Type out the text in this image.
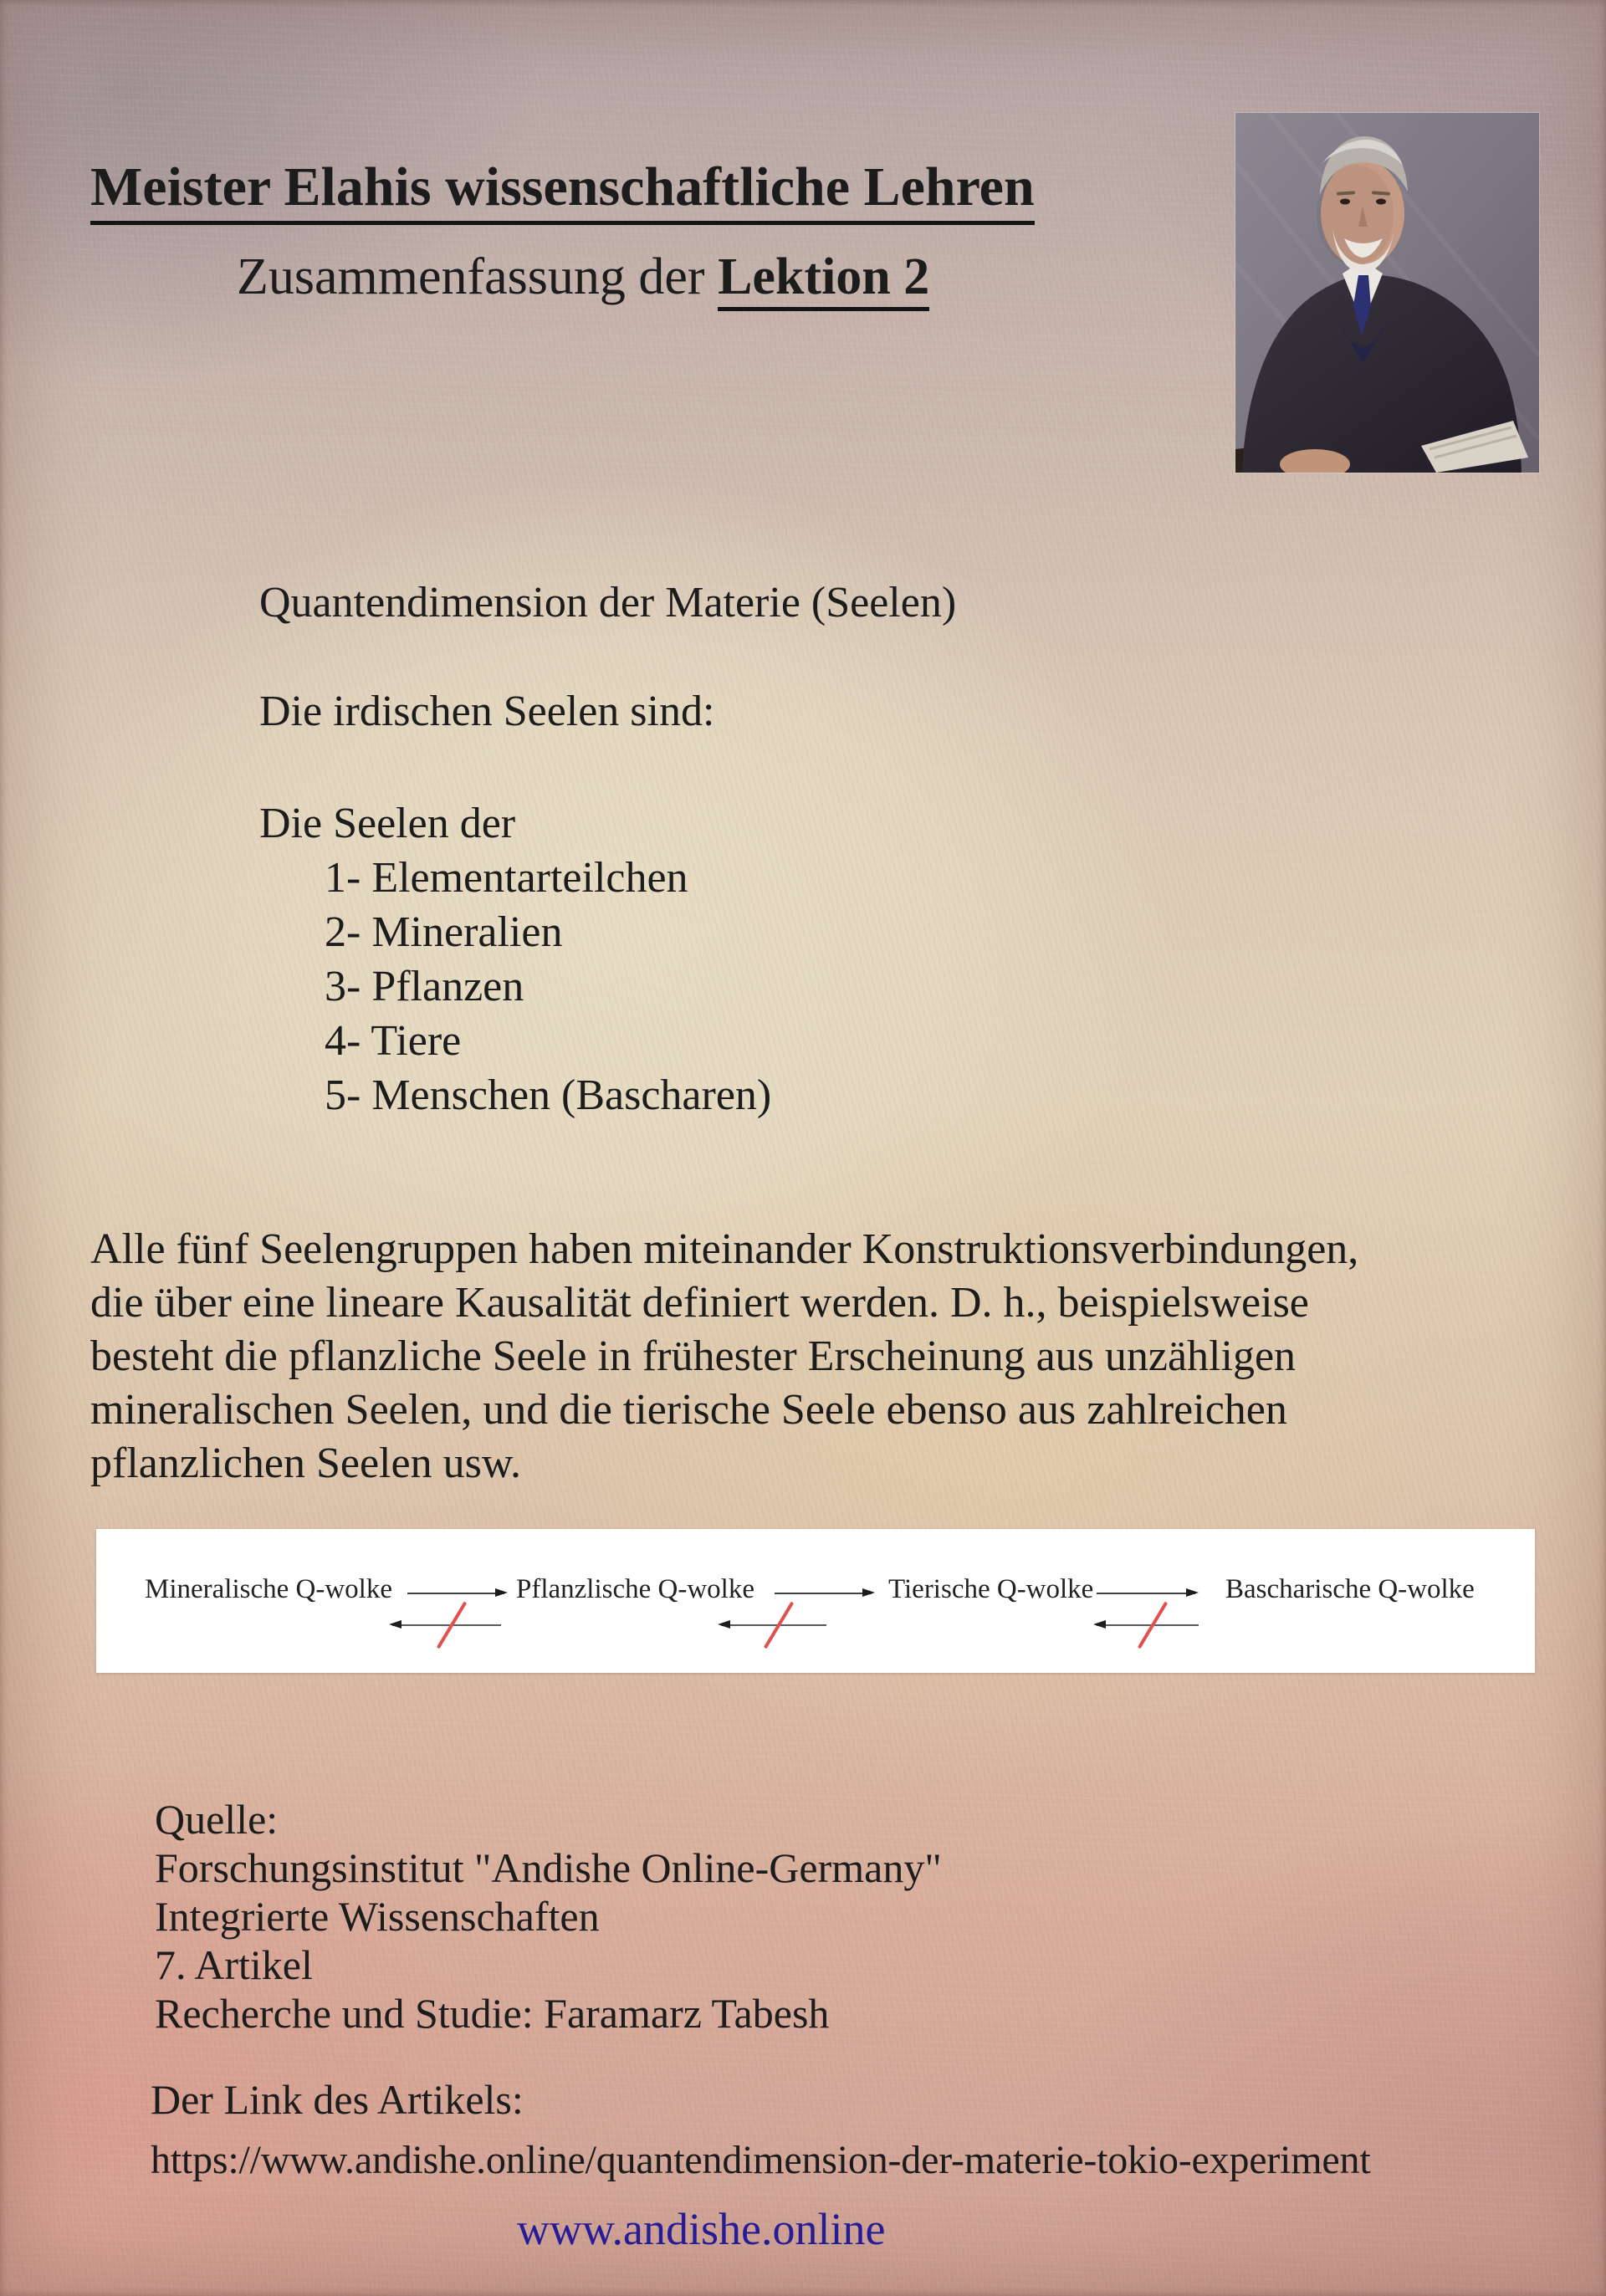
Meister Elahis wissenschaftliche Lehren
Zusammenfassung der Lektion 2
Quantendimension der Materie (Seelen)
Die irdischen Seelen sind:
Die Seelen der
1- Elementarteilchen
2- Mineralien
3- Pflanzen
4- Tiere
5- Menschen (Bascharen)
Alle fünf Seelengruppen haben miteinander Konstruktionsverbindungen,
die über eine lineare Kausalität definiert werden. D. h., beispielsweise
besteht die pflanzliche Seele in frühester Erscheinung aus unzähligen
mineralischen Seelen, und die tierische Seele ebenso aus zahlreichen
pflanzlichen Seelen usw.
Mineralische Q-wolke	Pflanzlische Q-wolke	Tierische Q-wolke	Bascharische Q-wolke
Quelle:
Forschungsinstitut "Andishe Online-Germany"
Integrierte Wissenschaften
7. Artikel
Recherche und Studie: Faramarz Tabesh
Der Link des Artikels:
https://www.andishe.online/quantendimension-der-materie-tokio-experiment
www.andishe.online
